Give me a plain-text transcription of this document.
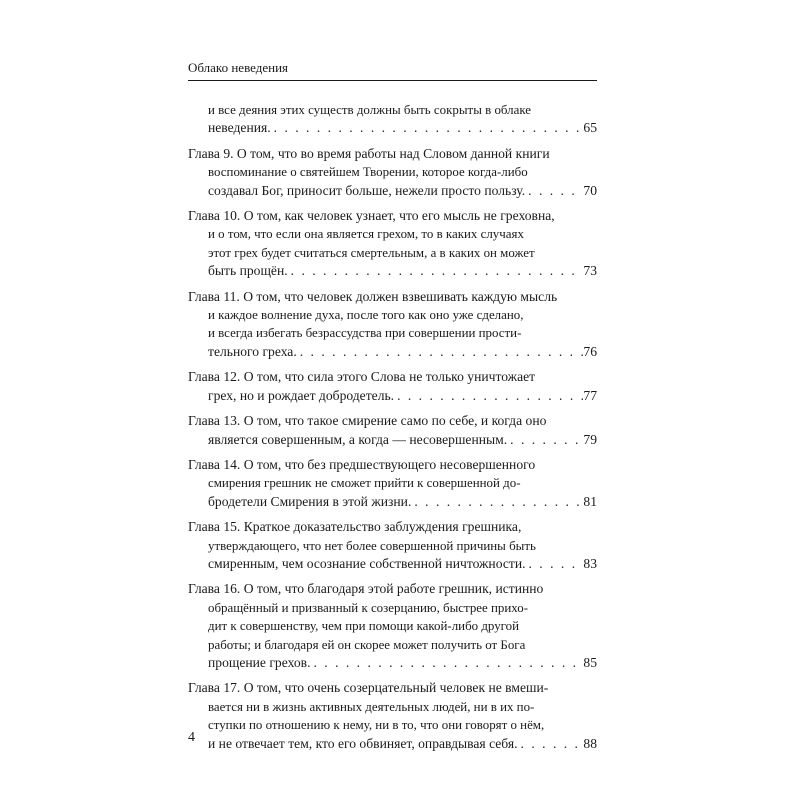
Облако неведения
и все деяния этих существ должны быть сокрыты в облаке
неведения. . . .	65
Глава 9. О том, что во время работы над Словом данной книги
воспоминание о святейшем Творении, которое когда-либо
создавал Бог, приносит больше, нежели просто пользу. . . .	70
Глава 10. О том, как человек узнает, что его мысль не греховна,
и о том, что если она является грехом, то в каких случаях
этот грех будет считаться смертельным, а в каких он может
быть прощён. . . .	73
Глава 11. О том, что человек должен взвешивать каждую мысль
и каждое волнение духа, после того как оно уже сделано,
и всегда избегать безрассудства при совершении прости-
тельного греха. . . .	76
Глава 12. О том, что сила этого Слова не только уничтожает
грех, но и рождает добродетель. . . .	77
Глава 13. О том, что такое смирение само по себе, и когда оно
является совершенным, а когда — несовершенным. . . .	79
Глава 14. О том, что без предшествующего несовершенного
смирения грешник не сможет прийти к совершенной до-
бродетели Смирения в этой жизни. . . .	81
Глава 15. Краткое доказательство заблуждения грешника,
утверждающего, что нет более совершенной причины быть
смиренным, чем осознание собственной ничтожности. . . .	83
Глава 16. О том, что благодаря этой работе грешник, истинно
обращённый и призванный к созерцанию, быстрее прихо-
дит к совершенству, чем при помощи какой-либо другой
работы; и благодаря ей он скорее может получить от Бога
прощение грехов. . . .	85
Глава 17. О том, что очень созерцательный человек не вмеши-
вается ни в жизнь активных деятельных людей, ни в их по-
ступки по отношению к нему, ни в то, что они говорят о нём,
и не отвечает тем, кто его обвиняет, оправдывая себя. . . .	88
4
